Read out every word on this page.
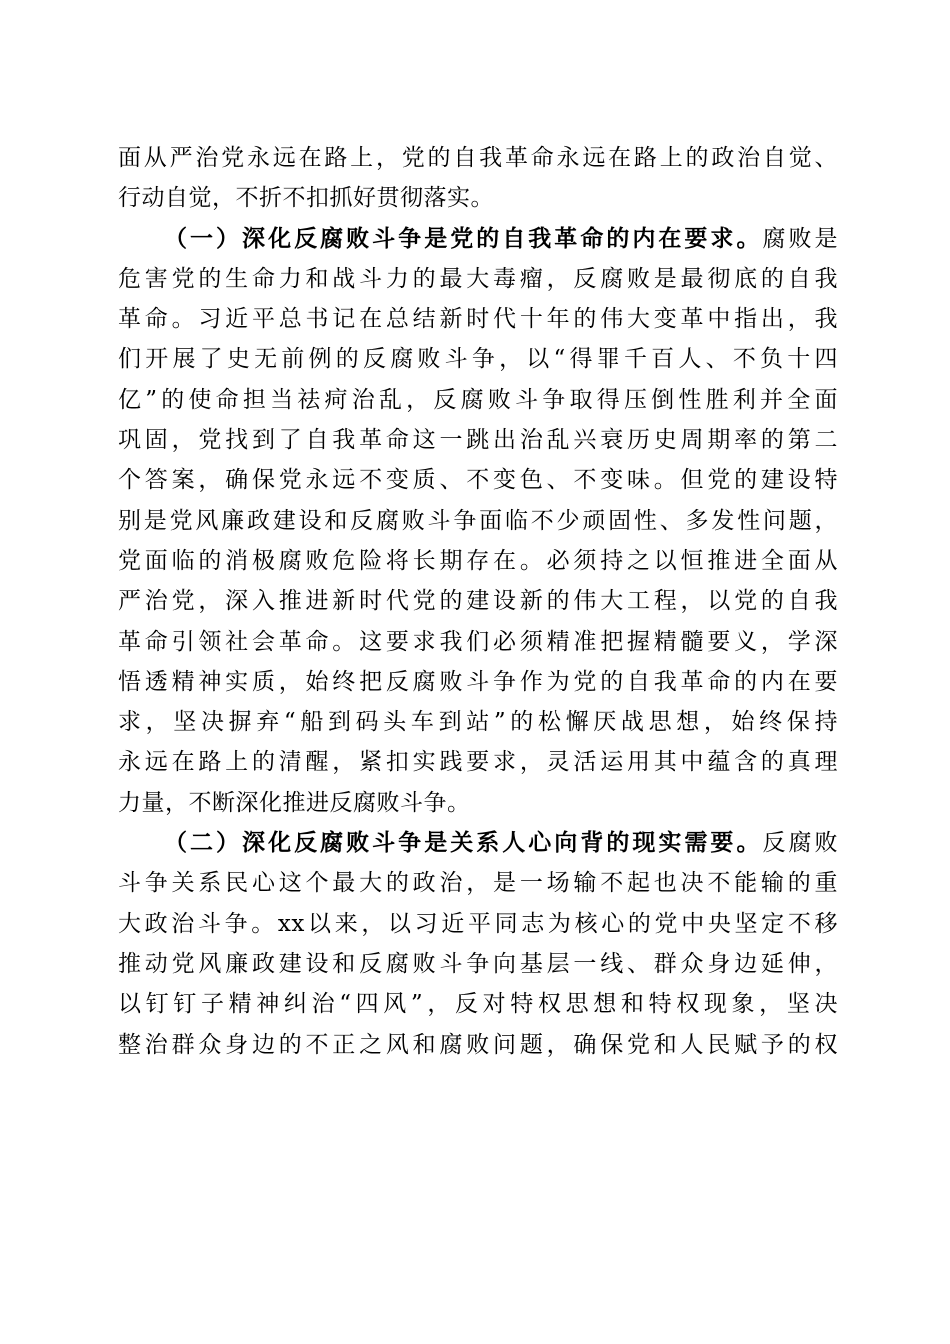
面从严治党永远在路上，党的自我革命永远在路上的政治自觉、
行动自觉，不折不扣抓好贯彻落实。
（一）深化反腐败斗争是党的自我革命的内在要求。腐败是
危害党的生命力和战斗力的最大毒瘤，反腐败是最彻底的自我
革命。习近平总书记在总结新时代十年的伟大变革中指出，我
们开展了史无前例的反腐败斗争，以“得罪千百人、不负十四
亿”的使命担当祛疴治乱，反腐败斗争取得压倒性胜利并全面
巩固，党找到了自我革命这一跳出治乱兴衰历史周期率的第二
个答案，确保党永远不变质、不变色、不变味。但党的建设特
别是党风廉政建设和反腐败斗争面临不少顽固性、多发性问题，
党面临的消极腐败危险将长期存在。必须持之以恒推进全面从
严治党，深入推进新时代党的建设新的伟大工程，以党的自我
革命引领社会革命。这要求我们必须精准把握精髓要义，学深
悟透精神实质，始终把反腐败斗争作为党的自我革命的内在要
求，坚决摒弃“船到码头车到站”的松懈厌战思想，始终保持
永远在路上的清醒，紧扣实践要求，灵活运用其中蕴含的真理
力量，不断深化推进反腐败斗争。
（二）深化反腐败斗争是关系人心向背的现实需要。反腐败
斗争关系民心这个最大的政治，是一场输不起也决不能输的重
大政治斗争。xx以来，以习近平同志为核心的党中央坚定不移
推动党风廉政建设和反腐败斗争向基层一线、群众身边延伸，
以钉钉子精神纠治“四风”，反对特权思想和特权现象，坚决
整治群众身边的不正之风和腐败问题，确保党和人民赋予的权
